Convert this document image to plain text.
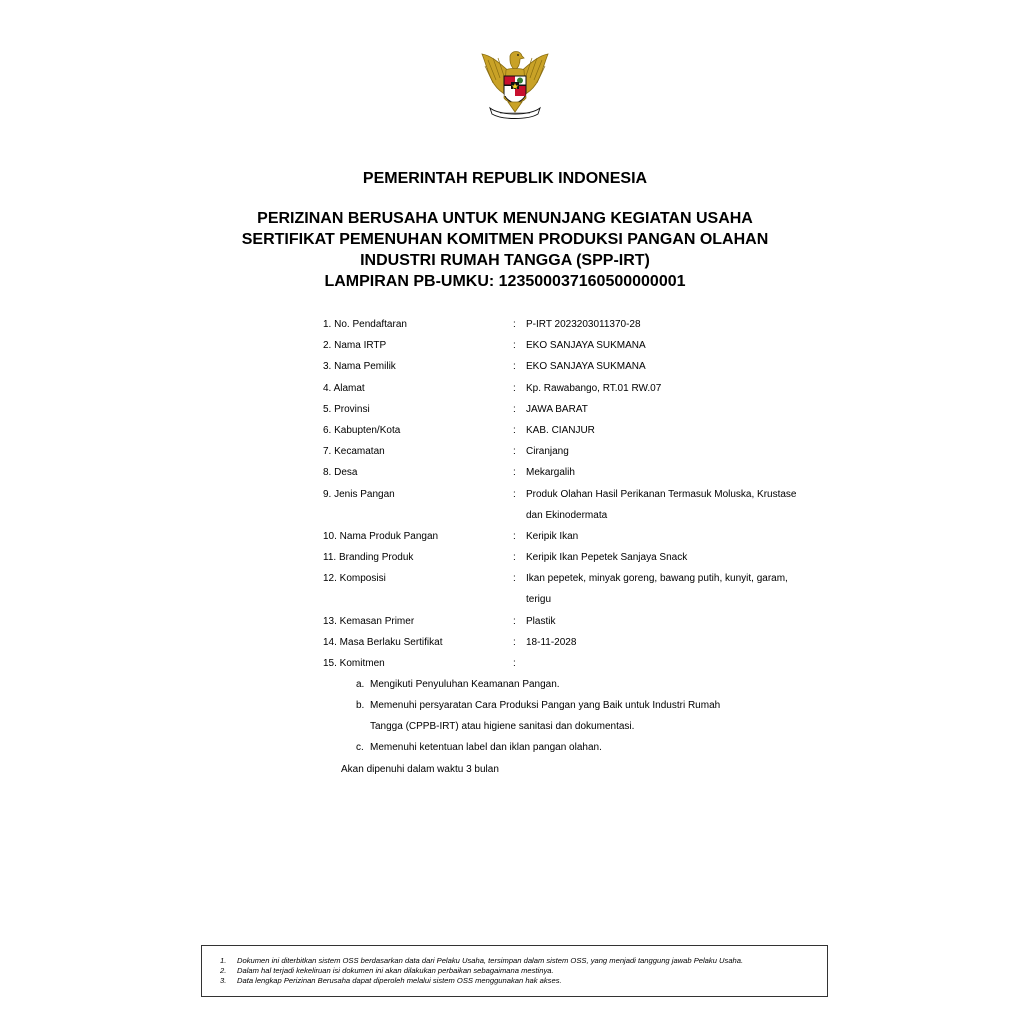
PEMERINTAH REPUBLIK INDONESIA
PERIZINAN BERUSAHA UNTUK MENUNJANG KEGIATAN USAHA
SERTIFIKAT PEMENUHAN KOMITMEN PRODUKSI PANGAN OLAHAN
INDUSTRI RUMAH TANGGA (SPP-IRT)
LAMPIRAN PB-UMKU: 123500037160500000001
1. No. Pendaftaran	: P-IRT 2023203011370-28
2. Nama IRTP	: EKO SANJAYA SUKMANA
3. Nama Pemilik	: EKO SANJAYA SUKMANA
4. Alamat	: Kp. Rawabango, RT.01 RW.07
5. Provinsi	: JAWA BARAT
6. Kabupten/Kota	: KAB. CIANJUR
7. Kecamatan	: Ciranjang
8. Desa	: Mekargalih
9. Jenis Pangan	: Produk Olahan Hasil Perikanan Termasuk Moluska, Krustase
dan Ekinodermata
10. Nama Produk Pangan	: Keripik Ikan
11. Branding Produk	: Keripik Ikan Pepetek Sanjaya Snack
12. Komposisi	: Ikan pepetek, minyak goreng, bawang putih, kunyit, garam,
terigu
13. Kemasan Primer	: Plastik
14. Masa Berlaku Sertifikat	: 18-11-2028
15. Komitmen	:
a. Mengikuti Penyuluhan Keamanan Pangan.
b. Memenuhi persyaratan Cara Produksi Pangan yang Baik untuk Industri Rumah
Tangga (CPPB-IRT) atau higiene sanitasi dan dokumentasi.
c. Memenuhi ketentuan label dan iklan pangan olahan.
Akan dipenuhi dalam waktu 3 bulan
1. Dokumen ini diterbitkan sistem OSS berdasarkan data dari Pelaku Usaha, tersimpan dalam sistem OSS, yang menjadi tanggung jawab Pelaku Usaha.
2. Dalam hal terjadi kekeliruan isi dokumen ini akan dilakukan perbaikan sebagaimana mestinya.
3. Data lengkap Perizinan Berusaha dapat diperoleh melalui sistem OSS menggunakan hak akses.
